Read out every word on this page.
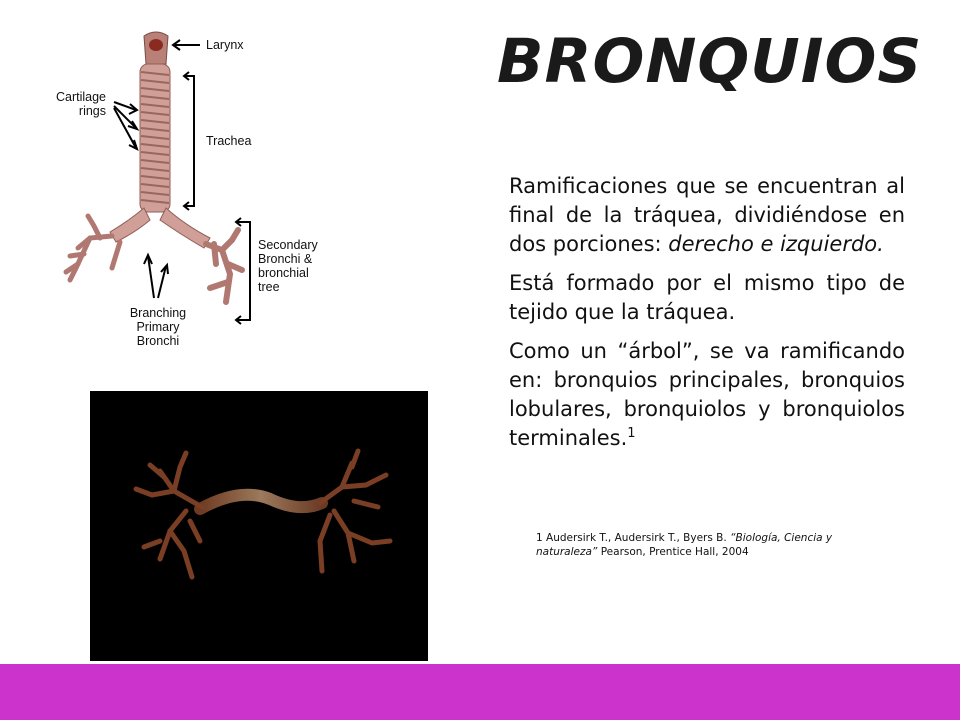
Larynx
Cartilage
rings
Trachea
Secondary
Bronchi &
bronchial
tree
Branching
Primary
Bronchi
BRONQUIOS

Ramificaciones que se encuentran al final de la tráquea, dividiéndose en dos porciones: derecho e izquierdo.

Está formado por el mismo tipo de tejido que la tráquea.

Como un “árbol”, se va ramificando en: bronquios principales, bronquios lobulares, bronquiolos y bronquiolos terminales.$^1$

1 Audersirk T., Audersirk T., Byers B. “Biología, Ciencia y naturaleza” Pearson, Prentice Hall, 2004
